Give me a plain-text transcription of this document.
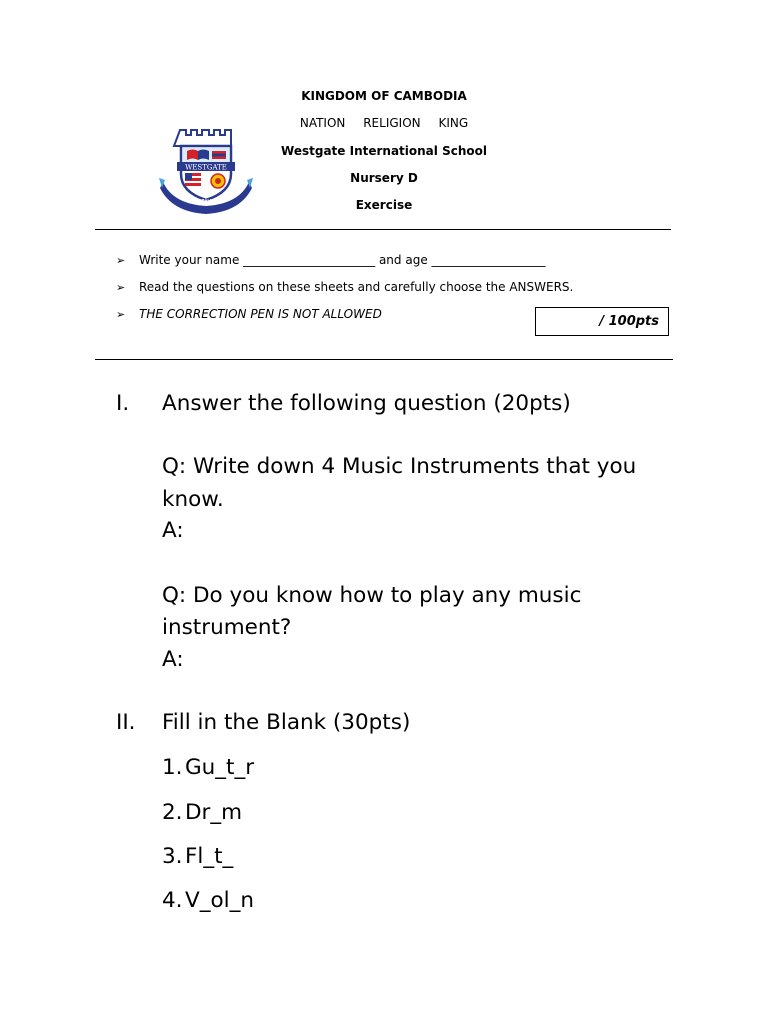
KINGDOM OF CAMBODIA
NATION RELIGION KING
Westgate International School
Nursery D
Exercise
WESTGATE
INTERNATIONAL SCHOOL
➢ Write your name ______________________ and age ___________________
➢ Read the questions on these sheets and carefully choose the ANSWERS.
➢ THE CORRECTION PEN IS NOT ALLOWED	/ 100pts
I. Answer the following question (20pts)
Q: Write down 4 Music Instruments that you
know.
A:
Q: Do you know how to play any music
instrument?
A:
II. Fill in the Blank (30pts)
1. Gu_t_r
2. Dr_m
3. Fl_t_
4. V_ol_n
